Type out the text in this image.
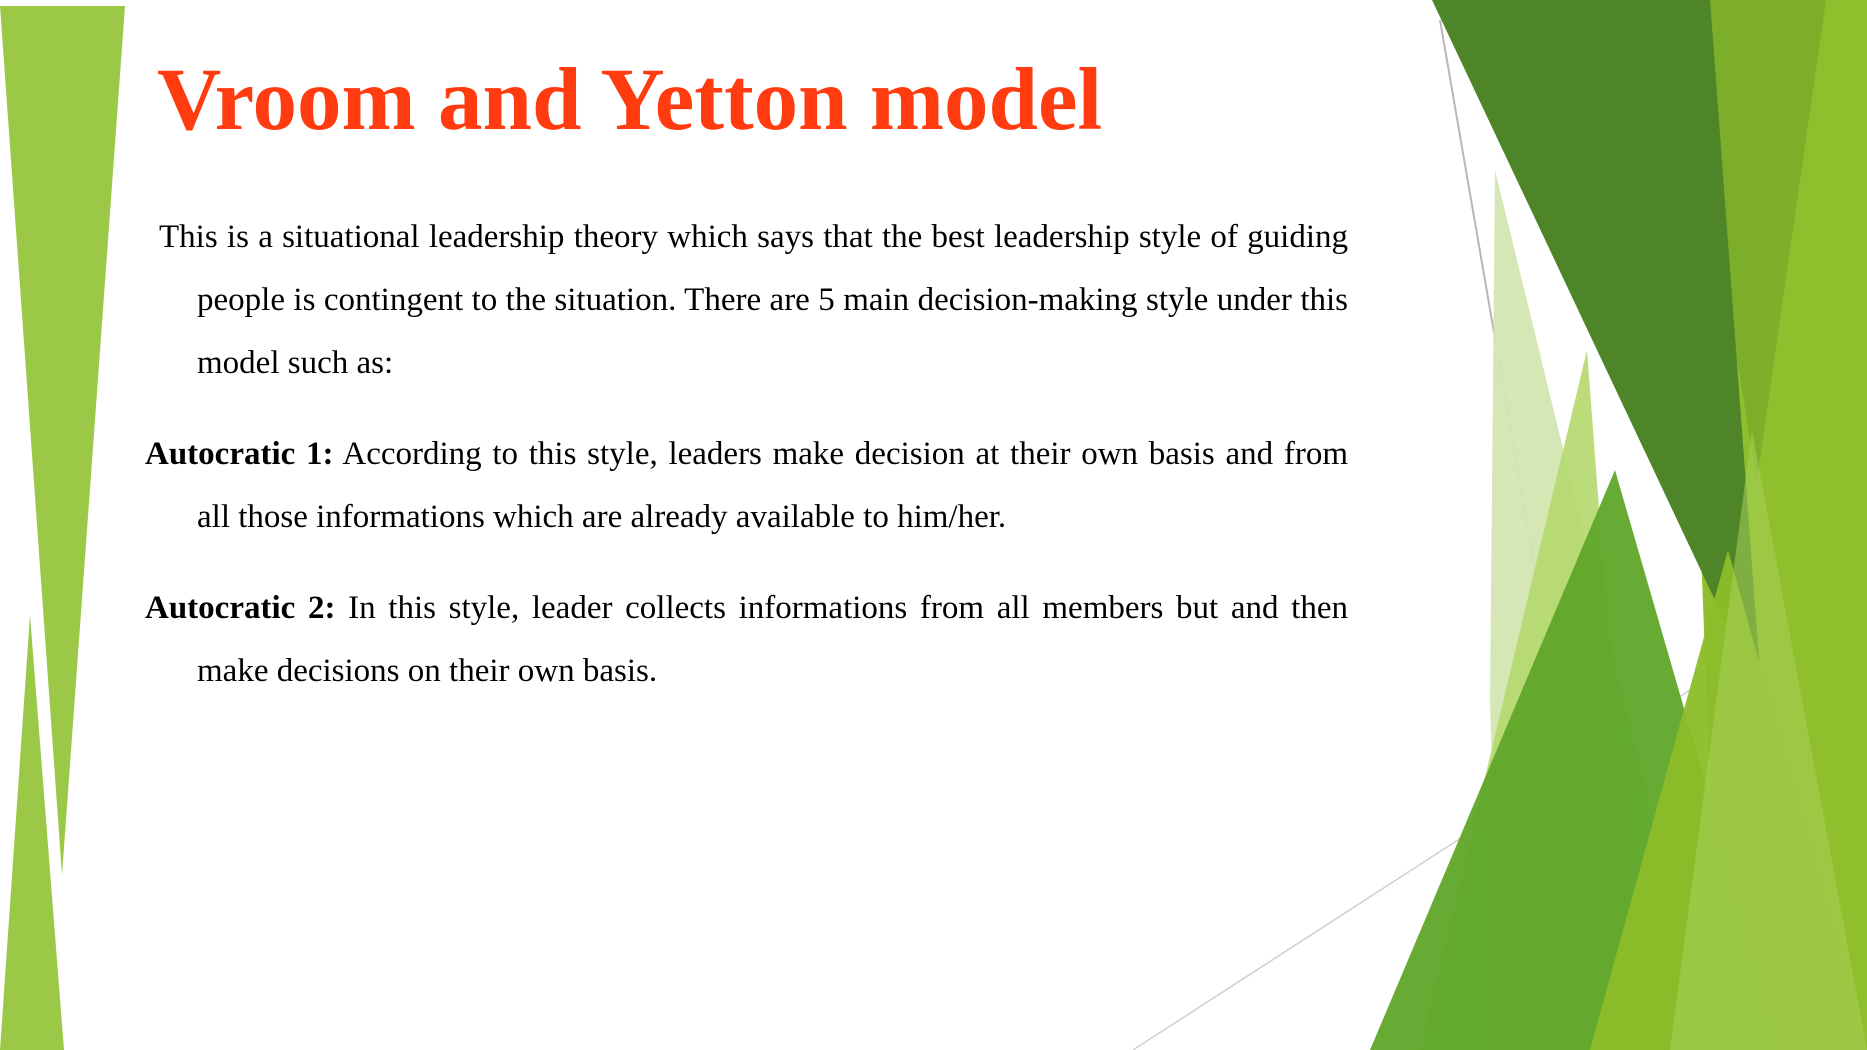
Vroom and Yetton model

This is a situational leadership theory which says that the best leadership style of guiding people is contingent to the situation. There are 5 main decision-making style under this model such as:

Autocratic 1: According to this style, leaders make decision at their own basis and from all those informations which are already available to him/her.

Autocratic 2: In this style, leader collects informations from all members but and then make decisions on their own basis.
